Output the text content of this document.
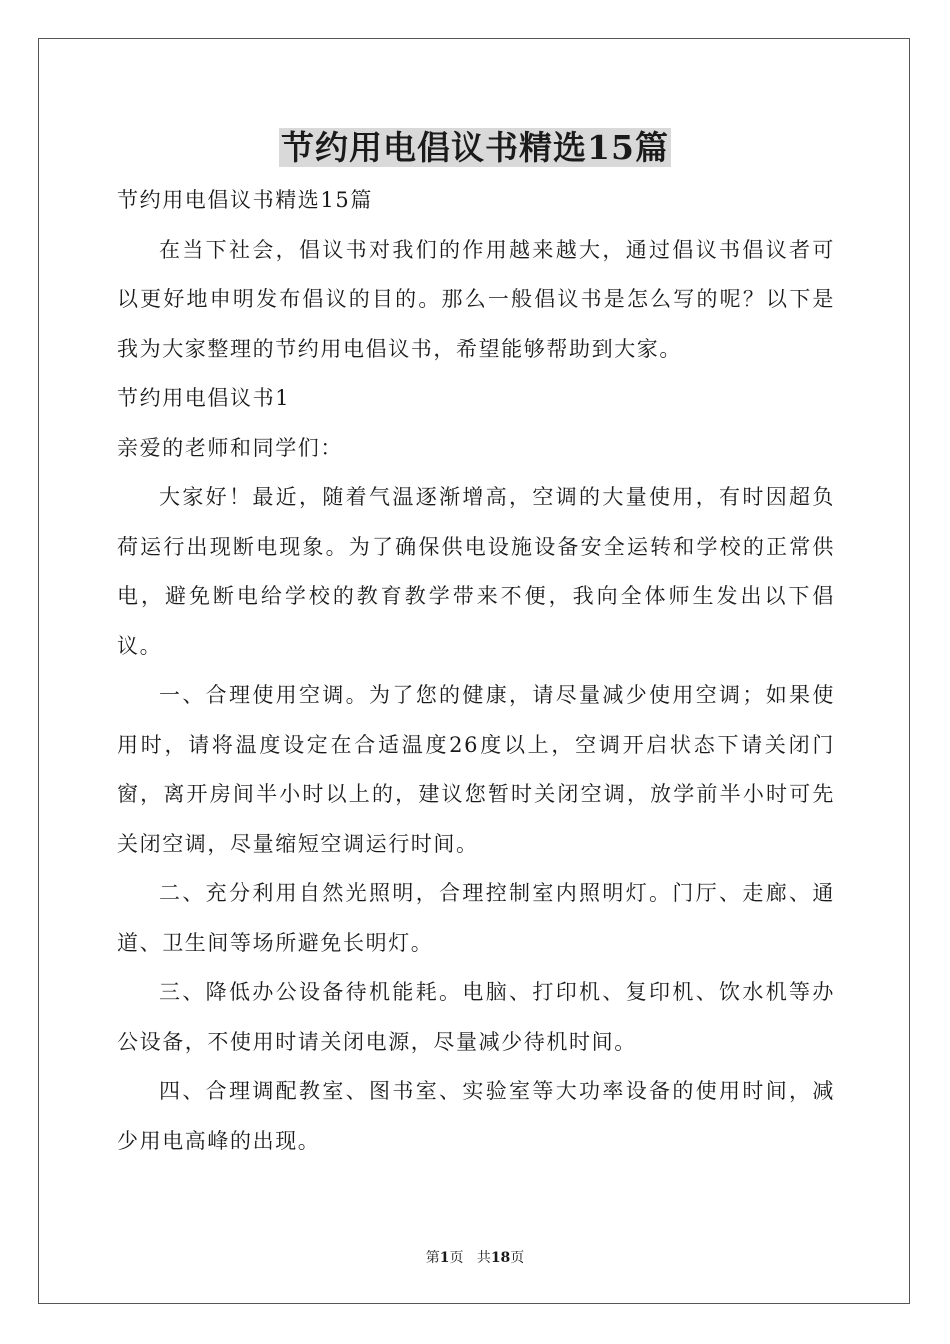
节约用电倡议书精选15篇

节约用电倡议书精选15篇

在当下社会，倡议书对我们的作用越来越大，通过倡议书倡议者可以更好地申明发布倡议的目的。那么一般倡议书是怎么写的呢？以下是我为大家整理的节约用电倡议书，希望能够帮助到大家。

节约用电倡议书1

亲爱的老师和同学们：

大家好！最近，随着气温逐渐增高，空调的大量使用，有时因超负荷运行出现断电现象。为了确保供电设施设备安全运转和学校的正常供电，避免断电给学校的教育教学带来不便，我向全体师生发出以下倡议。

一、合理使用空调。为了您的健康，请尽量减少使用空调；如果使用时，请将温度设定在合适温度26度以上，空调开启状态下请关闭门窗，离开房间半小时以上的，建议您暂时关闭空调，放学前半小时可先关闭空调，尽量缩短空调运行时间。

二、充分利用自然光照明，合理控制室内照明灯。门厅、走廊、通道、卫生间等场所避免长明灯。

三、降低办公设备待机能耗。电脑、打印机、复印机、饮水机等办公设备，不使用时请关闭电源，尽量减少待机时间。

四、合理调配教室、图书室、实验室等大功率设备的使用时间，减少用电高峰的出现。

第1页 共18页
